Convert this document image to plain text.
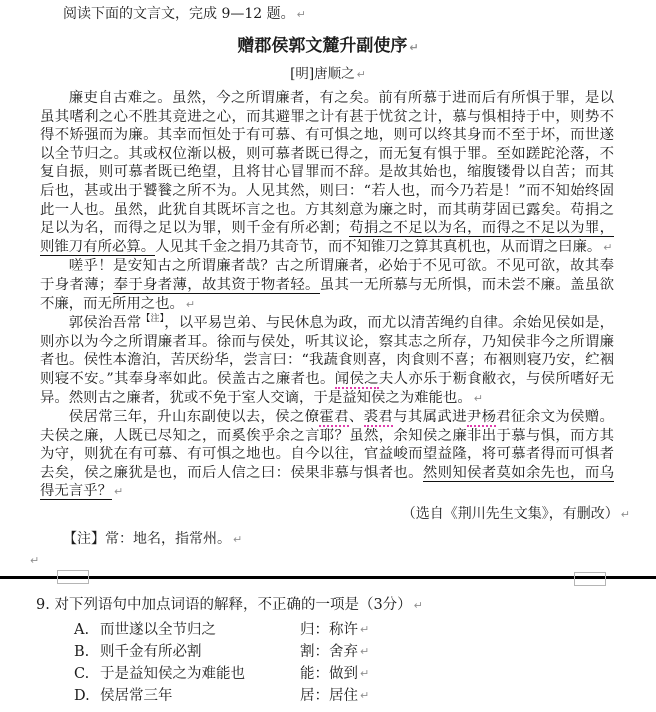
阅读下面的文言文，完成 9—12 题。 ↵
赠郡侯郭文麓升副使序 ↵
[明]唐顺之 ↵

廉吏自古难之。虽然，今之所谓廉者，有之矣。前有所慕于进而后有所惧于罪，是以虽其嗜利之心不胜其竞进之心，而其避罪之计有甚于忧贫之计，慕与惧相持于中，则势不得不矫强而为廉。其幸而恒处于有可慕、有可惧之地，则可以终其身而不至于坏，而世遂以全节归之。其或权位渐以极，则可慕者既已得之，而无复有惧于罪。至如蹉跎沦落，不复自振，则可慕者既已绝望，且将甘心冒罪而不辞。是故其始也，缩腹镂骨以自苦；而其后也，甚或出于饕餮之所不为。人见其然，则曰：“若人也，而今乃若是！”而不知始终固此一人也。虽然，此犹自其既坏言之也。方其刻意为廉之时，而其萌芽固已露矣。苟捐之足以为名，而得之足以为罪，则千金有所必割；苟捐之不足以为名，而得之不足以为罪，则锥刀有所必算。人见其千金之捐乃其奇节，而不知锥刀之算其真机也，从而谓之曰廉。 ↵

嗟乎！是安知古之所谓廉者哉？古之所谓廉者，必始于不见可欲。不见可欲，故其奉于身者薄；奉于身者薄，故其资于物者轻。虽其一无所慕与无所惧，而未尝不廉。盖虽欲不廉，而无所用之也。 ↵

郭侯治吾常$^{【注】}$，以平易岂弟、与民休息为政，而尤以清苦绳约自律。余始见侯如是，则亦以为今之所谓廉者耳。徐而与侯处，听其议论，察其志之所存，乃知侯非今之所谓廉者也。侯性本澹泊，苦厌纷华，尝言曰：“我蔬食则喜，肉食则不喜；布裀则寝乃安，纻裀则寝不安。”其奉身率如此。侯盖古之廉者也。闻侯之夫人亦乐于粝食敝衣，与侯所嗜好无异。然则古之廉者，犹或不免于室人交谪，于是益知侯之为难能也。 ↵

侯居常三年，升山东副使以去，侯之僚霍君、裘君与其属武进尹杨君征余文为侯赠。夫侯之廉，人既已尽知之，而奚俟乎余之言耶？虽然，余知侯之廉非出于慕与惧，而方其为守，则犹在有可慕、有可惧之地也。自今以往，官益峻而望益隆，将可慕者得而可惧者去矣，侯之廉犹是也，而后人信之曰：侯果非慕与惧者也。然则知侯者莫如余先也，而乌得无言乎？ ↵

（选自《荆川先生文集》，有删改） ↵
【注】常：地名，指常州。 ↵
↵
9. 对下列语句中加点词语的解释，不正确的一项是（3分） ↵
A. 而世遂以全节归之	归：称许 ↵
B. 则千金有所必割	割：舍弃 ↵
C. 于是益知侯之为难能也	能：做到 ↵
D. 侯居常三年	居：居住 ↵
